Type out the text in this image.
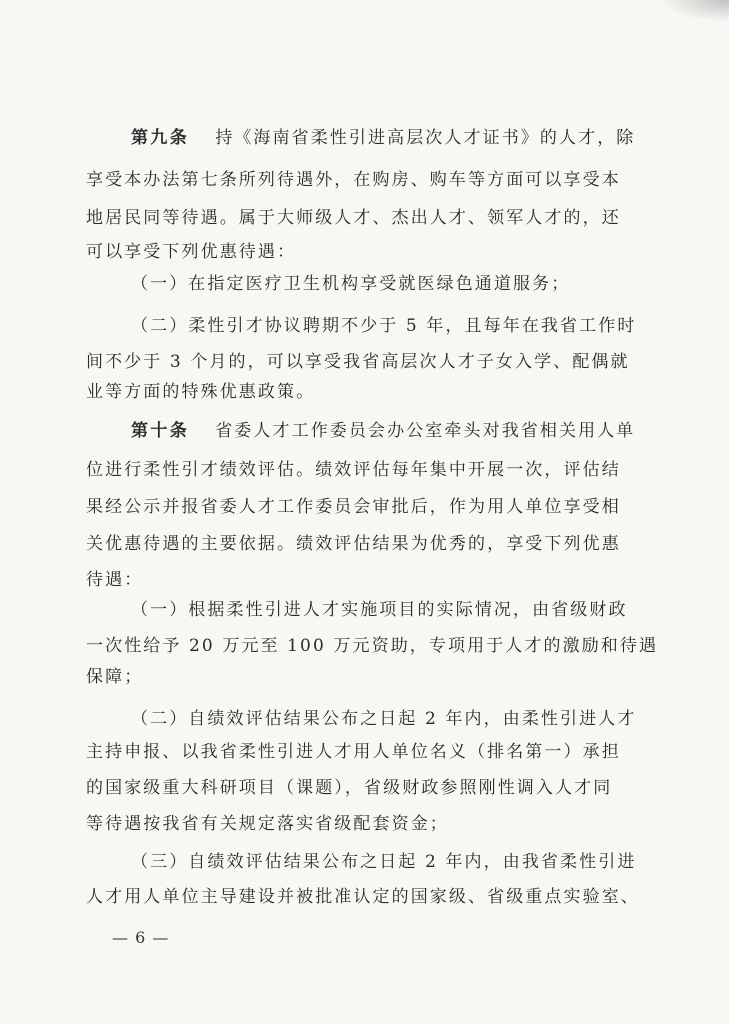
第九条 持《海南省柔性引进高层次人才证书》的人才，除
享受本办法第七条所列待遇外，在购房、购车等方面可以享受本
地居民同等待遇。属于大师级人才、杰出人才、领军人才的，还
可以享受下列优惠待遇：
（一）在指定医疗卫生机构享受就医绿色通道服务；
（二）柔性引才协议聘期不少于 5 年，且每年在我省工作时
间不少于 3 个月的，可以享受我省高层次人才子女入学、配偶就
业等方面的特殊优惠政策。
第十条 省委人才工作委员会办公室牵头对我省相关用人单
位进行柔性引才绩效评估。绩效评估每年集中开展一次，评估结
果经公示并报省委人才工作委员会审批后，作为用人单位享受相
关优惠待遇的主要依据。绩效评估结果为优秀的，享受下列优惠
待遇：
（一）根据柔性引进人才实施项目的实际情况，由省级财政
一次性给予 20 万元至 100 万元资助，专项用于人才的激励和待遇
保障；
（二）自绩效评估结果公布之日起 2 年内，由柔性引进人才
主持申报、以我省柔性引进人才用人单位名义（排名第一）承担
的国家级重大科研项目（课题），省级财政参照刚性调入人才同
等待遇按我省有关规定落实省级配套资金；
（三）自绩效评估结果公布之日起 2 年内，由我省柔性引进
人才用人单位主导建设并被批准认定的国家级、省级重点实验室、
— 6 —
